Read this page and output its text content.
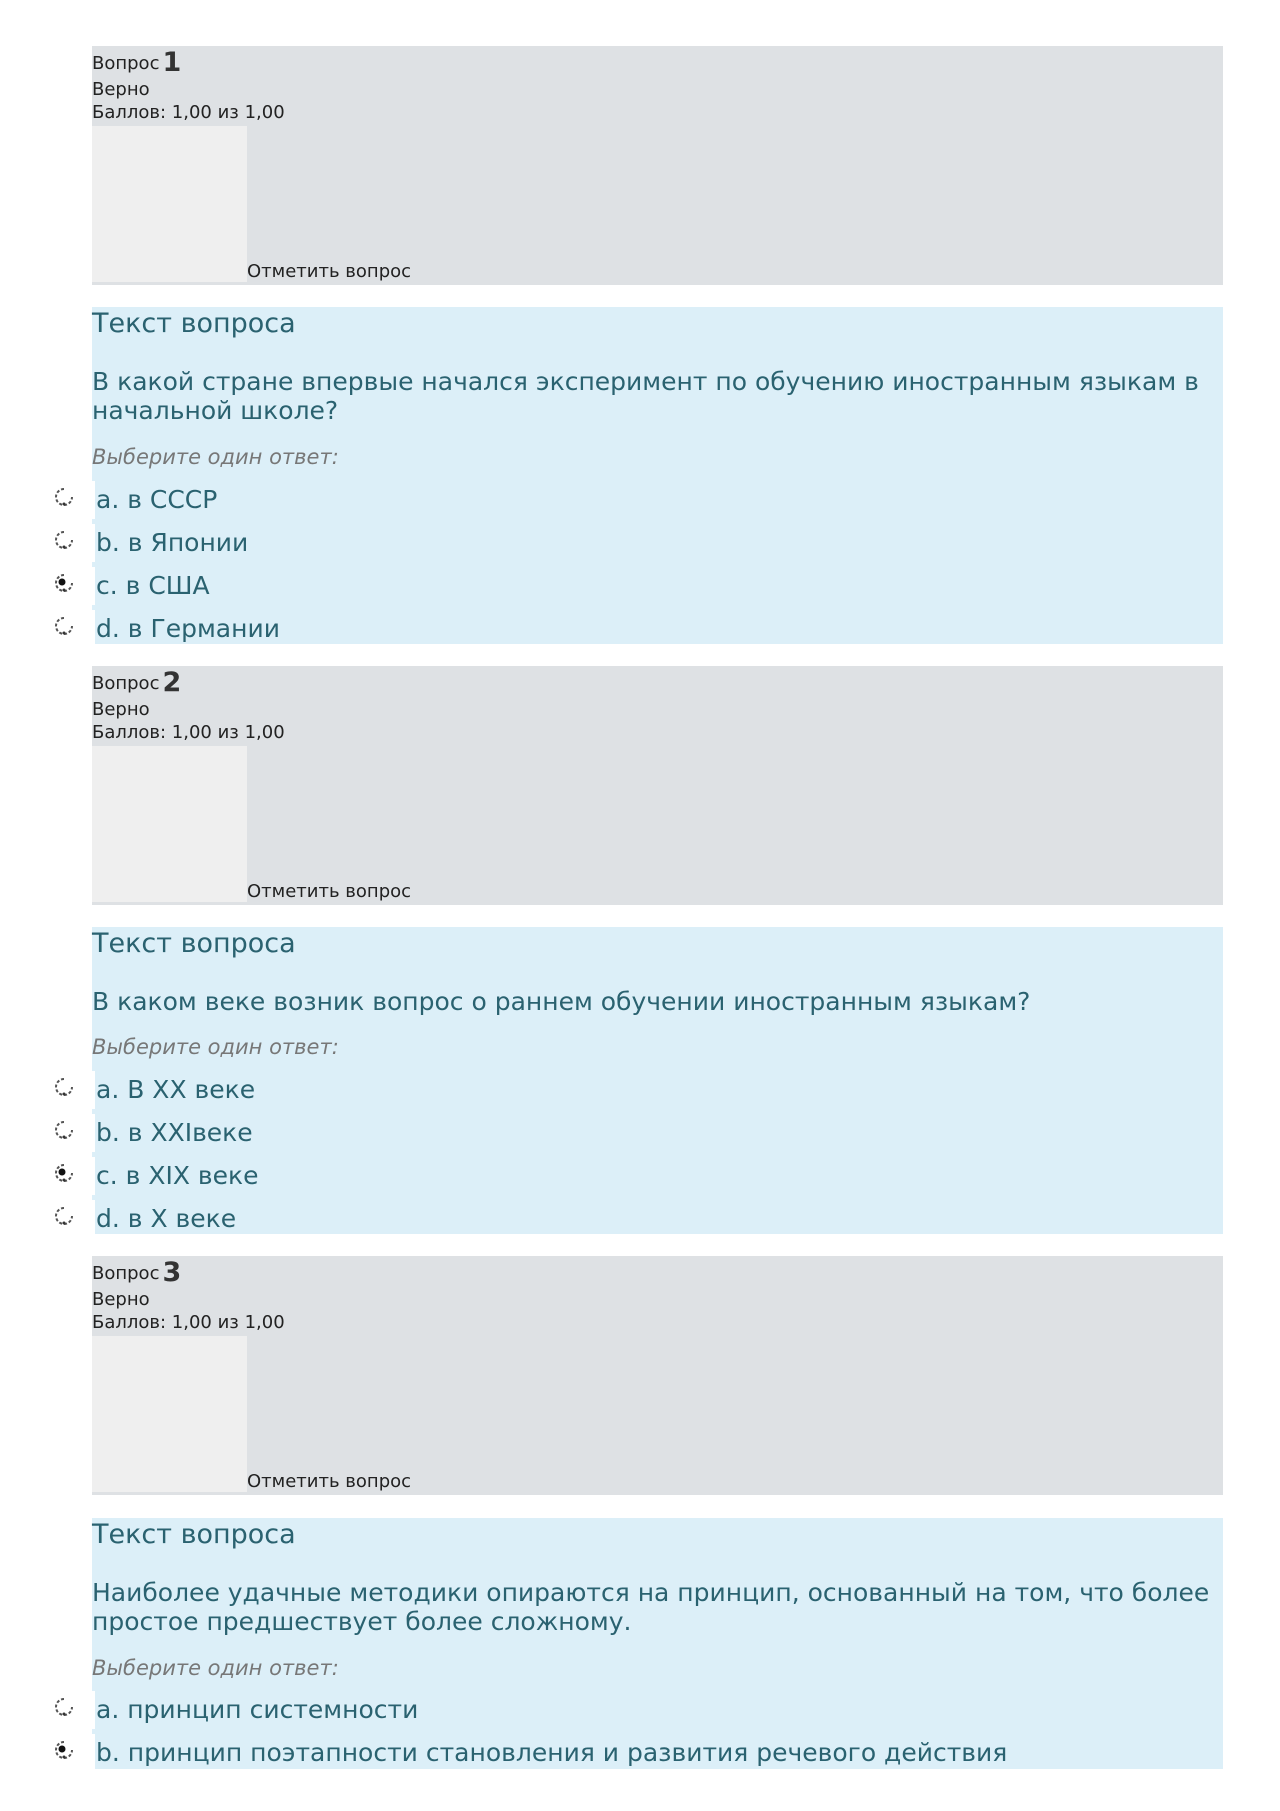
Вопрос 1
Верно
Баллов: 1,00 из 1,00
Отметить вопрос
Текст вопроса
В какой стране впервые начался эксперимент по обучению иностранным языкам в начальной школе?
Выберите один ответ:
a. в СССР
b. в Японии
c. в США
d. в Германии
Вопрос 2
Верно
Баллов: 1,00 из 1,00
Отметить вопрос
Текст вопроса
В каком веке возник вопрос о раннем обучении иностранным языкам?
Выберите один ответ:
a. В XX веке
b. в XXIвеке
c. в XIX веке
d. в X веке
Вопрос 3
Верно
Баллов: 1,00 из 1,00
Отметить вопрос
Текст вопроса
Наиболее удачные методики опираются на принцип, основанный на том, что более простое предшествует более сложному.
Выберите один ответ:
a. принцип системности
b. принцип поэтапности становления и развития речевого действия
